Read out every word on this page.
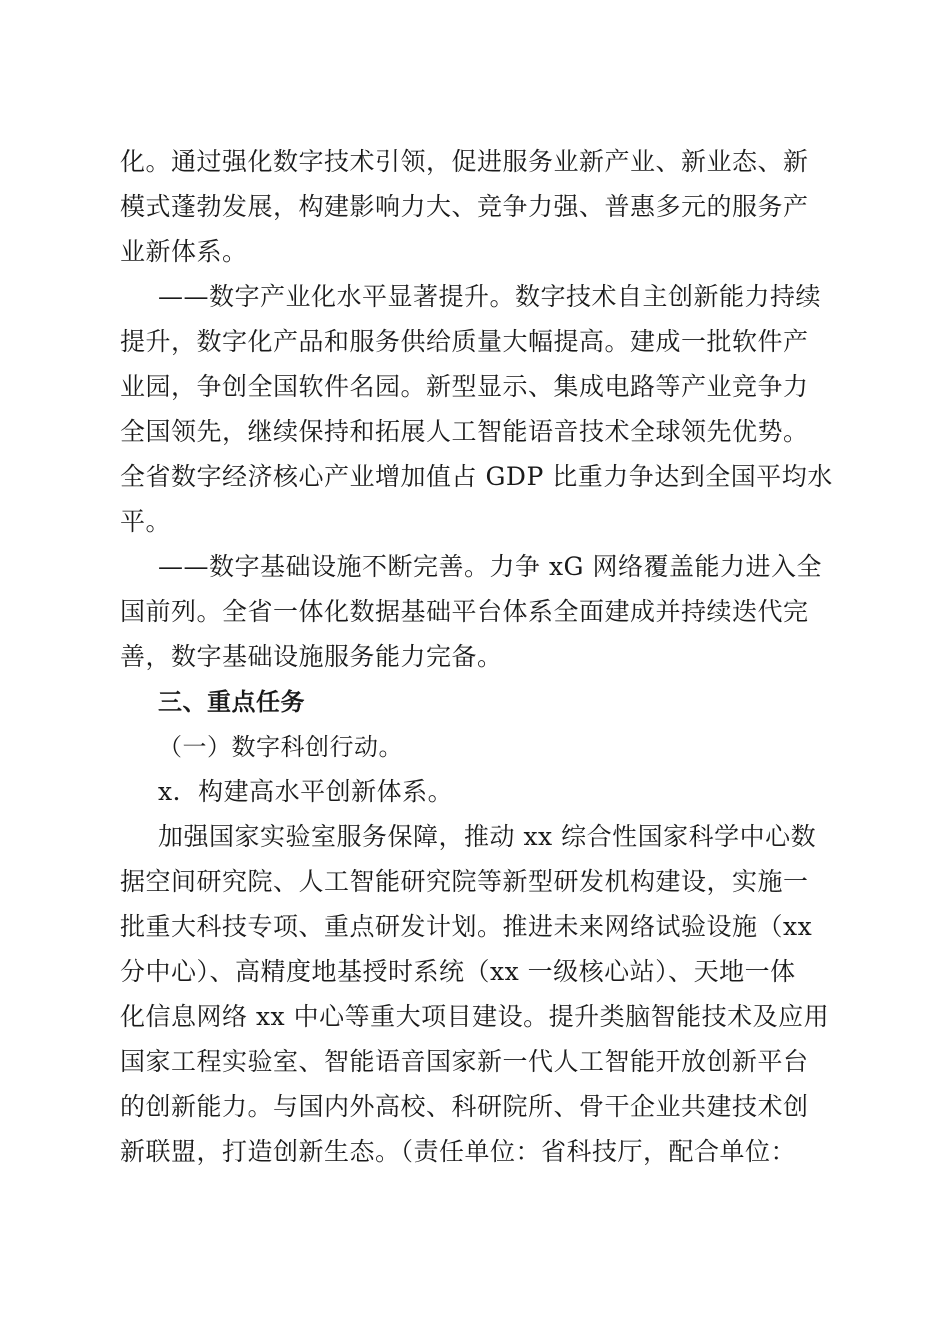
化。通过强化数字技术引领，促进服务业新产业、新业态、新
模式蓬勃发展，构建影响力大、竞争力强、普惠多元的服务产
业新体系。
——数字产业化水平显著提升。数字技术自主创新能力持续
提升，数字化产品和服务供给质量大幅提高。建成一批软件产
业园，争创全国软件名园。新型显示、集成电路等产业竞争力
全国领先，继续保持和拓展人工智能语音技术全球领先优势。
全省数字经济核心产业增加值占 GDP 比重力争达到全国平均水
平。
——数字基础设施不断完善。力争 xG 网络覆盖能力进入全
国前列。全省一体化数据基础平台体系全面建成并持续迭代完
善，数字基础设施服务能力完备。
三、重点任务
（一）数字科创行动。
x．构建高水平创新体系。
加强国家实验室服务保障，推动 xx 综合性国家科学中心数
据空间研究院、人工智能研究院等新型研发机构建设，实施一
批重大科技专项、重点研发计划。推进未来网络试验设施（xx
分中心）、高精度地基授时系统（xx 一级核心站）、天地一体
化信息网络 xx 中心等重大项目建设。提升类脑智能技术及应用
国家工程实验室、智能语音国家新一代人工智能开放创新平台
的创新能力。与国内外高校、科研院所、骨干企业共建技术创
新联盟，打造创新生态。（责任单位：省科技厅，配合单位：
